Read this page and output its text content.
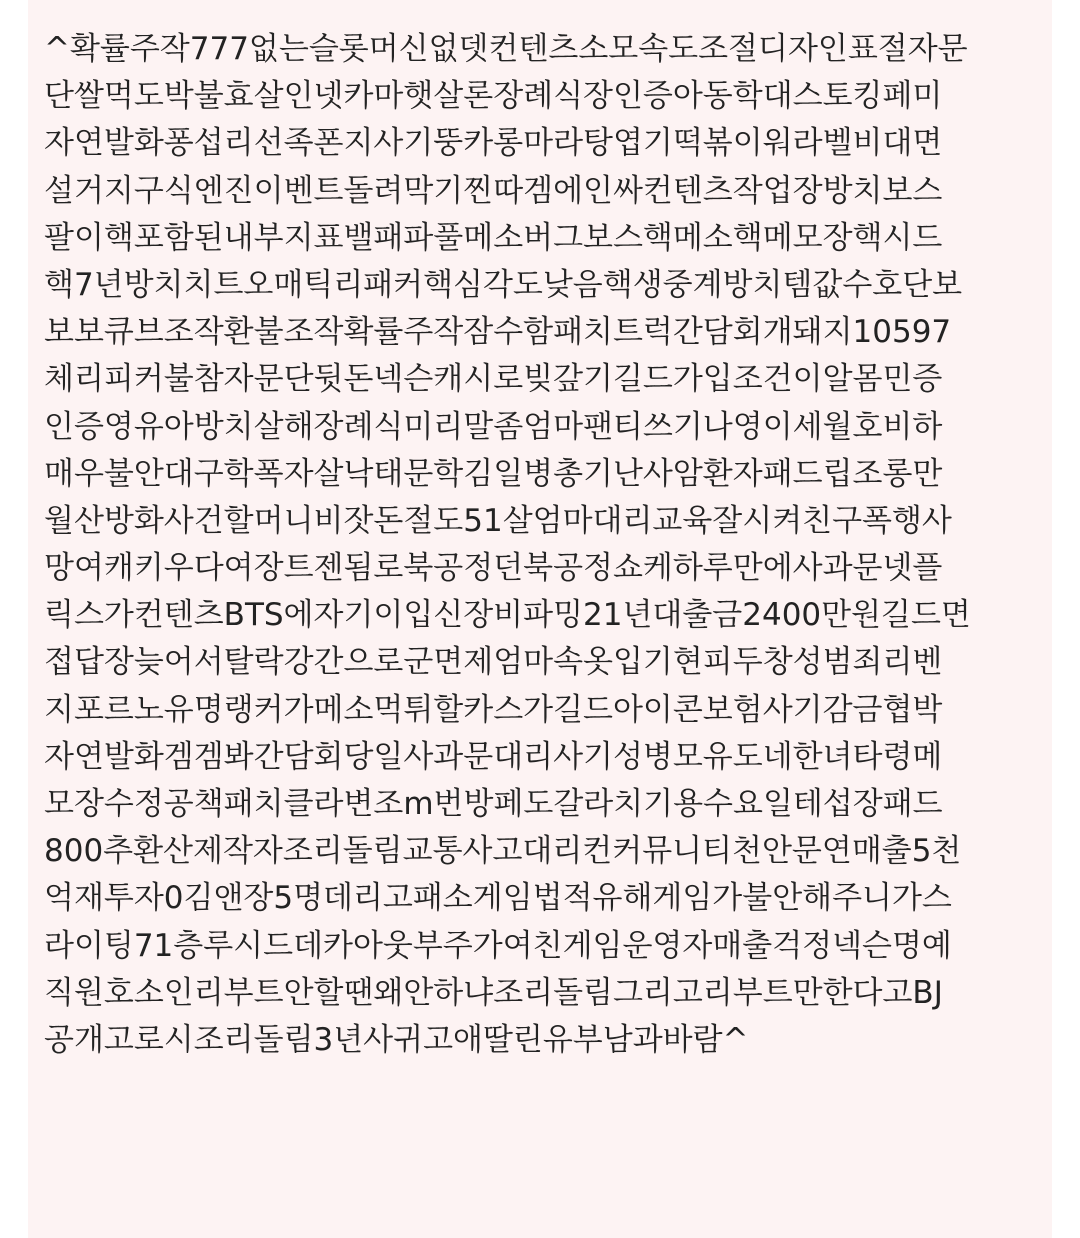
^확률주작777없는슬롯머신없뎃컨텐츠소모속도조절디자인표절자문
단쌀먹도박불효살인넷카마햇살론장례식장인증아동학대스토킹페미
자연발화퐁섭리선족폰지사기뚱카롱마라탕엽기떡볶이워라벨비대면
설거지구식엔진이벤트돌려막기찐따겜에인싸컨텐츠작업장방치보스
팔이핵포함된내부지표밸패파풀메소버그보스핵메소핵메모장핵시드
핵7년방치치트오매틱리패커핵심각도낮음핵생중계방치템값수호단보
보보큐브조작환불조작확률주작잠수함패치트럭간담회개돼지10597
체리피커불참자문단뒷돈넥슨캐시로빚갚기길드가입조건이알몸민증
인증영유아방치살해장례식미리말좀엄마팬티쓰기나영이세월호비하
매우불안대구학폭자살낙태문학김일병총기난사암환자패드립조롱만
월산방화사건할머니비잣돈절도51살엄마대리교육잘시켜친구폭행사
망여캐키우다여장트젠됨로북공정던북공정쇼케하루만에사과문넷플
릭스가컨텐츠BTS에자기이입신장비파밍21년대출금2400만원길드면
접답장늦어서탈락강간으로군면제엄마속옷입기현피두창성범죄리벤
지포르노유명랭커가메소먹튀할카스가길드아이콘보험사기감금협박
자연발화겜겜봐간담회당일사과문대리사기성병모유도네한녀타령메
모장수정공책패치클라변조m번방페도갈라치기용수요일테섭장패드
800추환산제작자조리돌림교통사고대리컨커뮤니티천안문연매출5천
억재투자0김앤장5명데리고패소게임법적유해게임가불안해주니가스
라이팅71층루시드데카아웃부주가여친게임운영자매출걱정넥슨명예
직원호소인리부트안할땐왜안하냐조리돌림그리고리부트만한다고BJ
공개고로시조리돌림3년사귀고애딸린유부남과바람^
